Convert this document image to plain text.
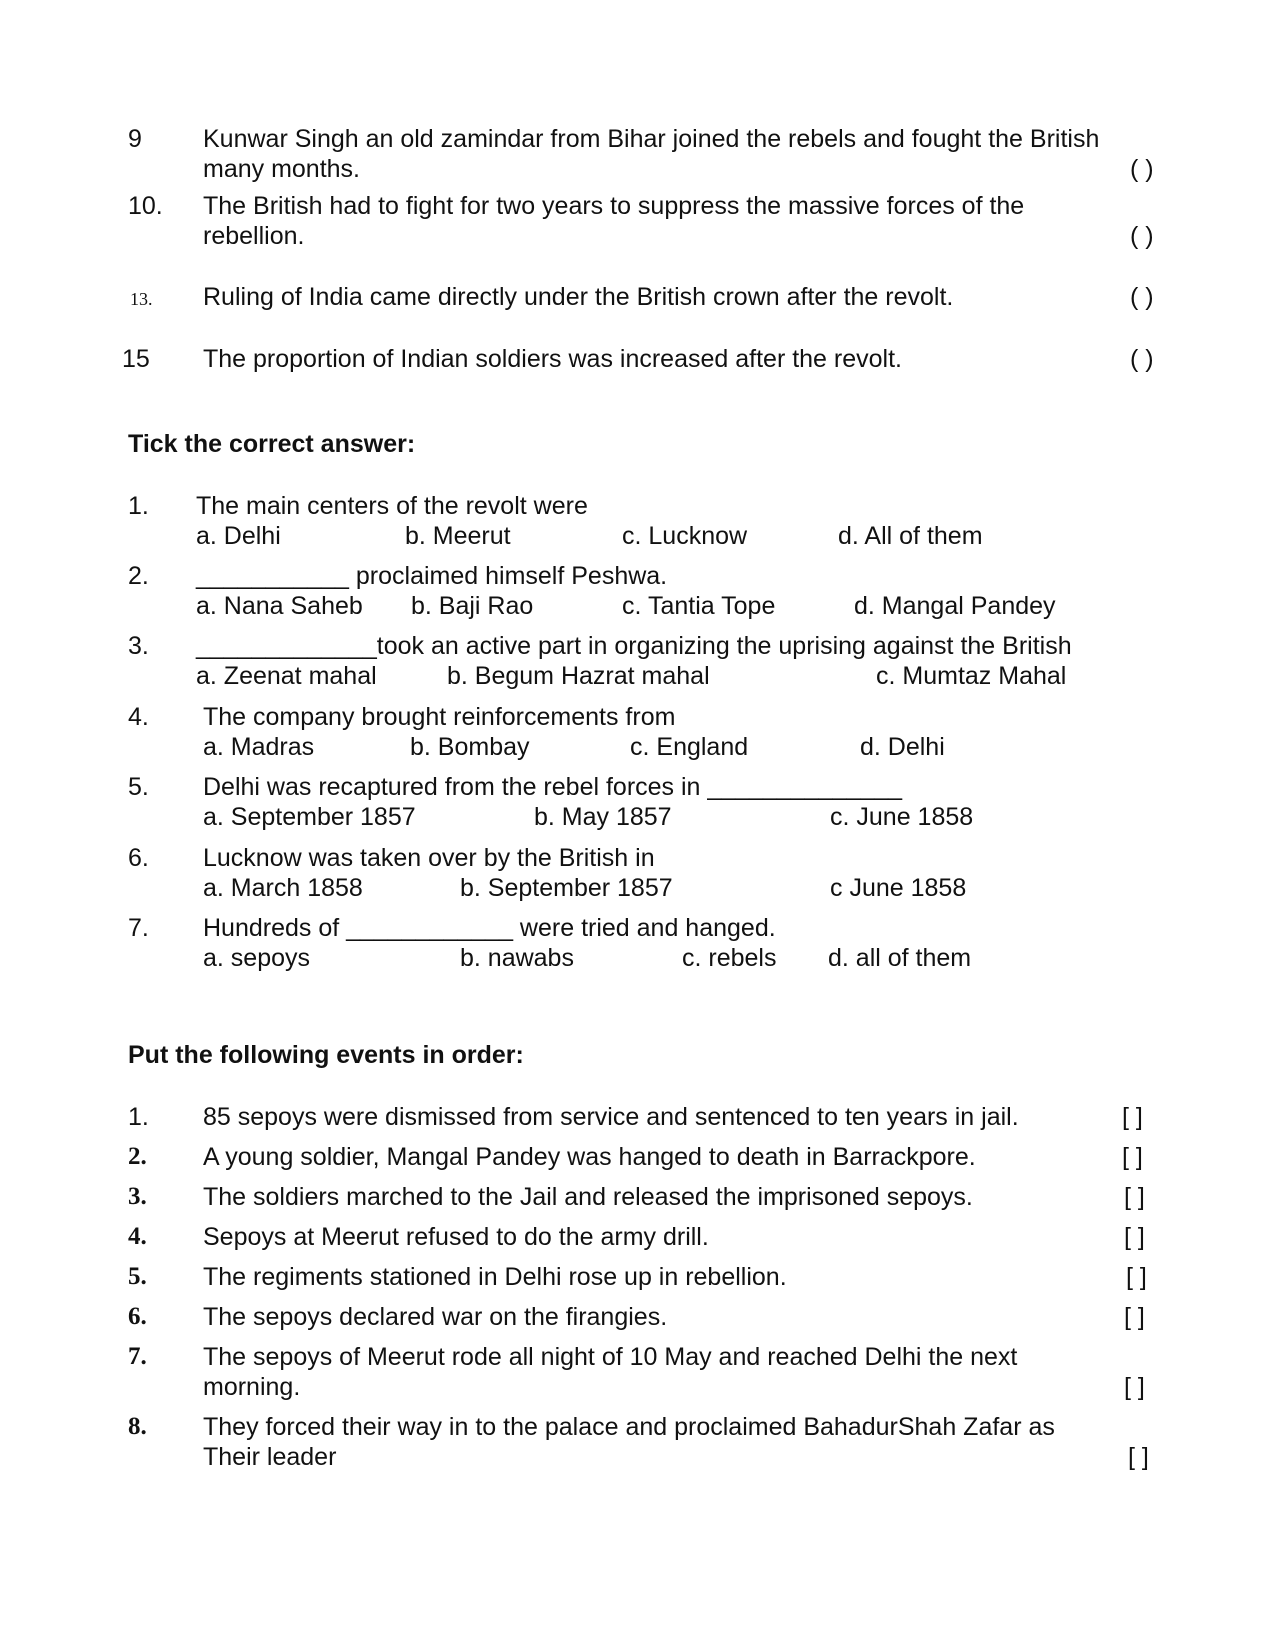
9 Kunwar Singh an old zamindar from Bihar joined the rebels and fought the British
many months.	( )
10. The British had to fight for two years to suppress the massive forces of the
rebellion.	( )
13. Ruling of India came directly under the British crown after the revolt.	( )
15 The proportion of Indian soldiers was increased after the revolt.	( )
Tick the correct answer:
1. The main centers of the revolt were
a. Delhi	b. Meerut	c. Lucknow	d. All of them
2. ___________ proclaimed himself Peshwa.
a. Nana Saheb b. Baji Rao	c. Tantia Tope	d. Mangal Pandey
3. _____________took an active part in organizing the uprising against the British
a. Zeenat mahal	b. Begum Hazrat mahal	c. Mumtaz Mahal
4. The company brought reinforcements from
a. Madras	b. Bombay	c. England	d. Delhi
5. Delhi was recaptured from the rebel forces in ______________
a. September 1857	b. May 1857	c. June 1858
6. Lucknow was taken over by the British in
a. March 1858	b. September 1857	c June 1858
7. Hundreds of ____________ were tried and hanged.
a. sepoys	b. nawabs	c. rebels d. all of them
Put the following events in order:
1. 85 sepoys were dismissed from service and sentenced to ten years in jail.	[ ]
2. A young soldier, Mangal Pandey was hanged to death in Barrackpore.	[ ]
3. The soldiers marched to the Jail and released the imprisoned sepoys.	[ ]
4. Sepoys at Meerut refused to do the army drill.	[ ]
5. The regiments stationed in Delhi rose up in rebellion.	[ ]
6. The sepoys declared war on the firangies.	[ ]
7. The sepoys of Meerut rode all night of 10 May and reached Delhi the next
morning.	[ ]
8. They forced their way in to the palace and proclaimed BahadurShah Zafar as
Their leader	[ ]
